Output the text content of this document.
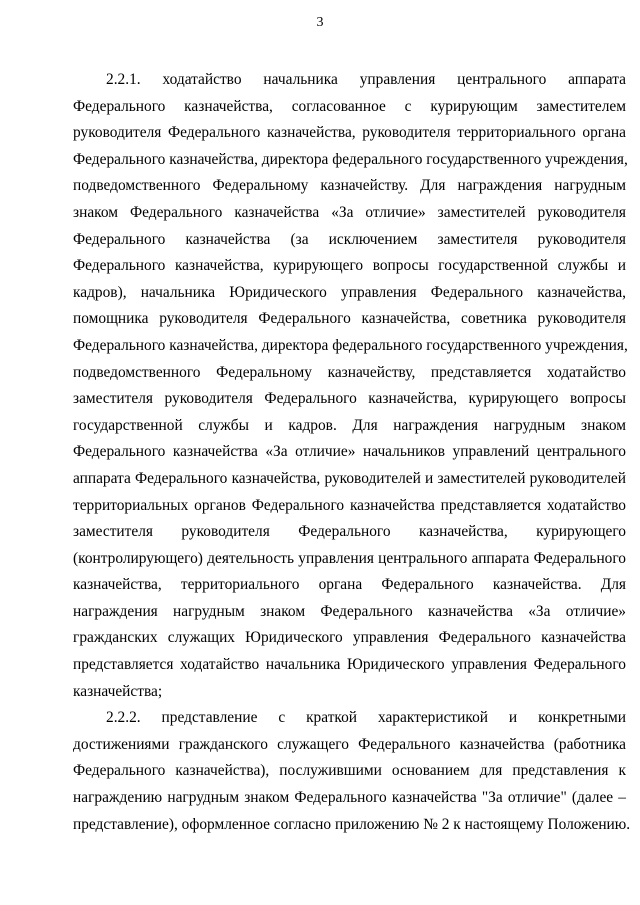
3
2.2.1. ходатайство начальника управления центрального аппарата
Федерального казначейства, согласованное с курирующим заместителем
руководителя Федерального казначейства, руководителя территориального органа
Федерального казначейства, директора федерального государственного учреждения,
подведомственного Федеральному казначейству. Для награждения нагрудным
знаком Федерального казначейства «За отличие» заместителей руководителя
Федерального казначейства (за исключением заместителя руководителя
Федерального казначейства, курирующего вопросы государственной службы и
кадров), начальника Юридического управления Федерального казначейства,
помощника руководителя Федерального казначейства, советника руководителя
Федерального казначейства, директора федерального государственного учреждения,
подведомственного Федеральному казначейству, представляется ходатайство
заместителя руководителя Федерального казначейства, курирующего вопросы
государственной службы и кадров. Для награждения нагрудным знаком
Федерального казначейства «За отличие» начальников управлений центрального
аппарата Федерального казначейства, руководителей и заместителей руководителей
территориальных органов Федерального казначейства представляется ходатайство
заместителя руководителя Федерального казначейства, курирующего
(контролирующего) деятельность управления центрального аппарата Федерального
казначейства, территориального органа Федерального казначейства. Для
награждения нагрудным знаком Федерального казначейства «За отличие»
гражданских служащих Юридического управления Федерального казначейства
представляется ходатайство начальника Юридического управления Федерального
казначейства;
2.2.2. представление с краткой характеристикой и конкретными
достижениями гражданского служащего Федерального казначейства (работника
Федерального казначейства), послужившими основанием для представления к
награждению нагрудным знаком Федерального казначейства "За отличие" (далее –
представление), оформленное согласно приложению № 2 к настоящему Положению.
